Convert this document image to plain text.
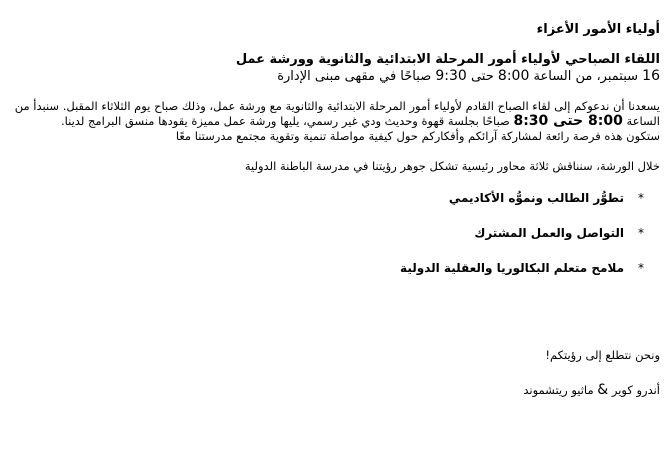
أولياء الأمور الأعزاء

اللقاء الصباحي لأولياء أمور المرحلة الابتدائية والثانوية وورشة عمل

16 سبتمبر، من الساعة 8:00 حتى 9:30 صباحًا في مقهى مبنى الإدارة

يسعدنا أن ندعوكم إلى لقاء الصباح القادم لأولياء أمور المرحلة الابتدائية والثانوية مع ورشة عمل، وذلك صباح يوم الثلاثاء المقبل. سنبدأ من الساعة 8:00 حتى 8:30 صباحًا بجلسة قهوة وحديث ودي غير رسمي، يليها ورشة عمل مميزة يقودها منسق البرامج لدينا.
ستكون هذه فرصة رائعة لمشاركة آرائكم وأفكاركم حول كيفية مواصلة تنمية وتقوية مجتمع مدرستنا معًا

خلال الورشة، سنناقش ثلاثة محاور رئيسية تشكل جوهر رؤيتنا في مدرسة الباطنة الدولية

*تطوُّر الطالب ونموُّه الأكاديمي
*التواصل والعمل المشترك
*ملامح متعلم البكالوريا والعقلية الدولية

ونحن نتطلع إلى رؤيتكم!

أندرو كوير & ماثيو ريتشموند
